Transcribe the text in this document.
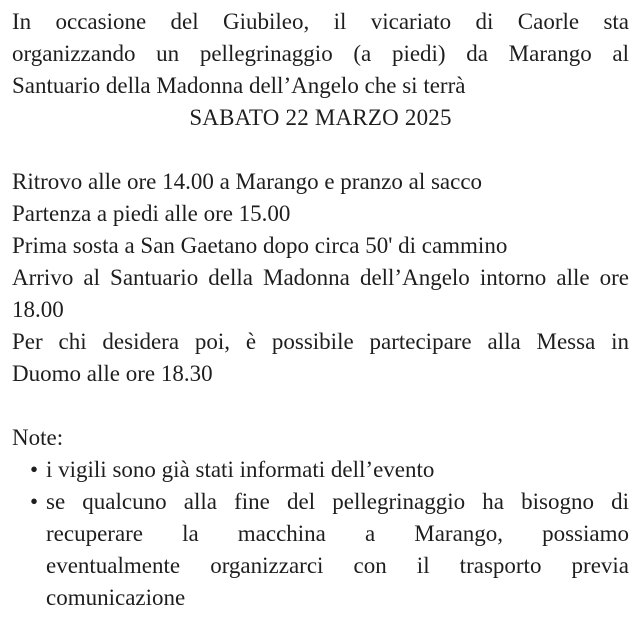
In occasione del Giubileo, il vicariato di Caorle sta
organizzando un pellegrinaggio (a piedi) da Marango al
Santuario della Madonna dell’Angelo che si terrà

SABATO 22 MARZO 2025

Ritrovo alle ore 14.00 a Marango e pranzo al sacco

Partenza a piedi alle ore 15.00

Prima sosta a San Gaetano dopo circa 50' di cammino

Arrivo al Santuario della Madonna dell’Angelo intorno alle ore
18.00
Per chi desidera poi, è possibile partecipare alla Messa in
Duomo alle ore 18.30

Note:

• i vigili sono già stati informati dell’evento
• se qualcuno alla fine del pellegrinaggio ha bisogno di
recuperare la macchina a Marango, possiamo
eventualmente organizzarci con il trasporto previa
comunicazione
